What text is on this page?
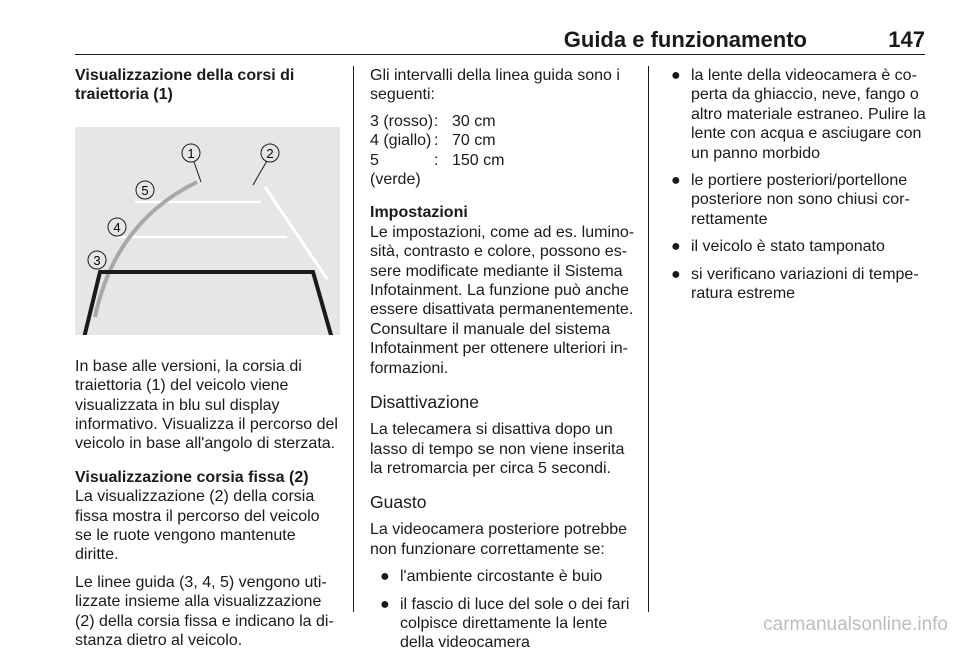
Guida e funzionamento	147

Visualizzazione della corsi di traiettoria (1)

1	2
5
4
3

In base alle versioni, la corsia di traiettoria (1) del veicolo viene visualizzata in blu sul display informativo. Visualizza il percorso del veicolo in base all'angolo di sterzata.

Visualizzazione corsia fissa (2)

La visualizzazione (2) della corsia fissa mostra il percorso del veicolo se le ruote vengono mantenute diritte.

Le linee guida (3, 4, 5) vengono utilizzate insieme alla visualizzazione (2) della corsia fissa e indicano la distanza dietro al veicolo.

Gli intervalli della linea guida sono i seguenti:

3 (rosso) : 30 cm
4 (giallo) : 70 cm
5 (verde)
: 150 cm

Impostazioni

Le impostazioni, come ad es. luminosità, contrasto e colore, possono essere modificate mediante il Sistema Infotainment. La funzione può anche essere disattivata permanentemente. Consultare il manuale del sistema Infotainment per ottenere ulteriori informazioni.

Disattivazione

La telecamera si disattiva dopo un lasso di tempo se non viene inserita la retromarcia per circa 5 secondi.

Guasto

La videocamera posteriore potrebbe non funzionare correttamente se:

● l'ambiente circostante è buio
● il fascio di luce del sole o dei fari colpisce direttamente la lente della videocamera
● la lente della videocamera è coperta da ghiaccio, neve, fango o altro materiale estraneo. Pulire la lente con acqua e asciugare con un panno morbido
● le portiere posteriori/portellone posteriore non sono chiusi correttamente
● il veicolo è stato tamponato
● si verificano variazioni di temperatura estreme
carmanualsonline.info
